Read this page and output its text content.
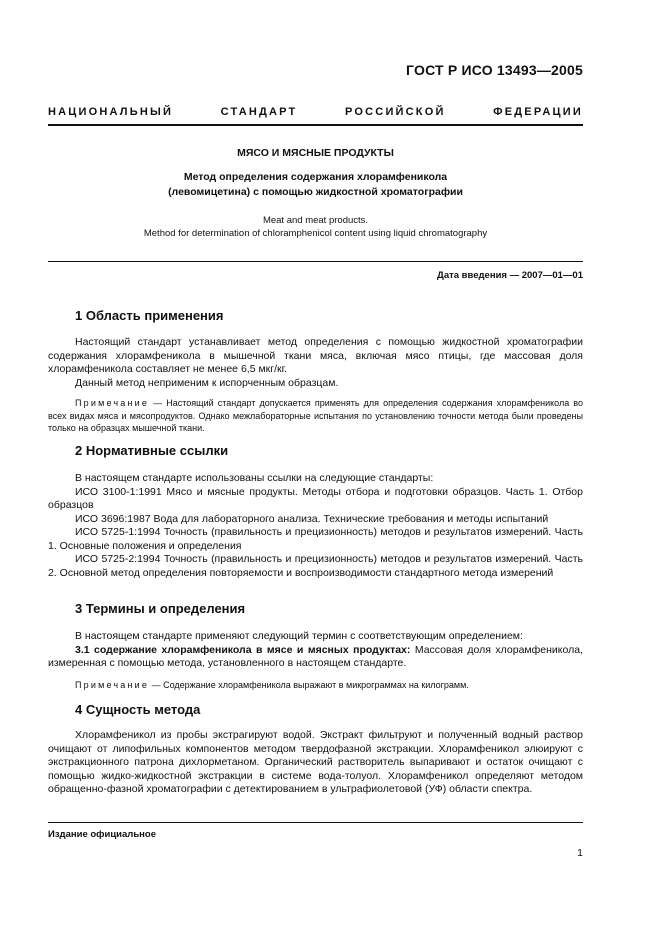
ГОСТ Р ИСО 13493—2005
НАЦИОНАЛЬНЫЙ	СТАНДАРТ	РОССИЙСКОЙ	ФЕДЕРАЦИИ
МЯСО И МЯСНЫЕ ПРОДУКТЫ
Метод определения содержания хлорамфеникола
(левомицетина) с помощью жидкостной хроматографии
Meat and meat products.
Method for determination of chloramphenicol content using liquid chromatography
Дата введения — 2007—01—01
1 Область применения

Настоящий стандарт устанавливает метод определения с помощью жидкостной хроматографии содержания хлорамфеникола в мышечной ткани мяса, включая мясо птицы, где массовая доля хлорамфеникола составляет не менее 6,5 мкг/кг.

Данный метод неприменим к испорченным образцам.

Примечание — Настоящий стандарт допускается применять для определения содержания хлорамфеникола во всех видах мяса и мясопродуктов. Однако межлабораторные испытания по установлению точности метода были проведены только на образцах мышечной ткани.

2 Нормативные ссылки

В настоящем стандарте использованы ссылки на следующие стандарты:

ИСО 3100-1:1991 Мясо и мясные продукты. Методы отбора и подготовки образцов. Часть 1. Отбор образцов

ИСО 3696:1987 Вода для лабораторного анализа. Технические требования и методы испытаний

ИСО 5725-1:1994 Точность (правильность и прецизионность) методов и результатов измерений. Часть 1. Основные положения и определения

ИСО 5725-2:1994 Точность (правильность и прецизионность) методов и результатов измерений. Часть 2. Основной метод определения повторяемости и воспроизводимости стандартного метода измерений

3 Термины и определения

В настоящем стандарте применяют следующий термин с соответствующим определением:

3.1 содержание хлорамфеникола в мясе и мясных продуктах: Массовая доля хлорамфеникола, измеренная с помощью метода, установленного в настоящем стандарте.

Примечание — Содержание хлорамфеникола выражают в микрограммах на килограмм.

4 Сущность метода

Хлорамфеникол из пробы экстрагируют водой. Экстракт фильтруют и полученный водный раствор очищают от липофильных компонентов методом твердофазной экстракции. Хлорамфеникол элюируют с экстракционного патрона дихлорметаном. Органический растворитель выпаривают и остаток очищают с помощью жидко-жидкостной экстракции в системе вода-толуол. Хлорамфеникол определяют методом обращенно-фазной хроматографии с детектированием в ультрафиолетовой (УФ) области спектра.

Издание официальное
1
